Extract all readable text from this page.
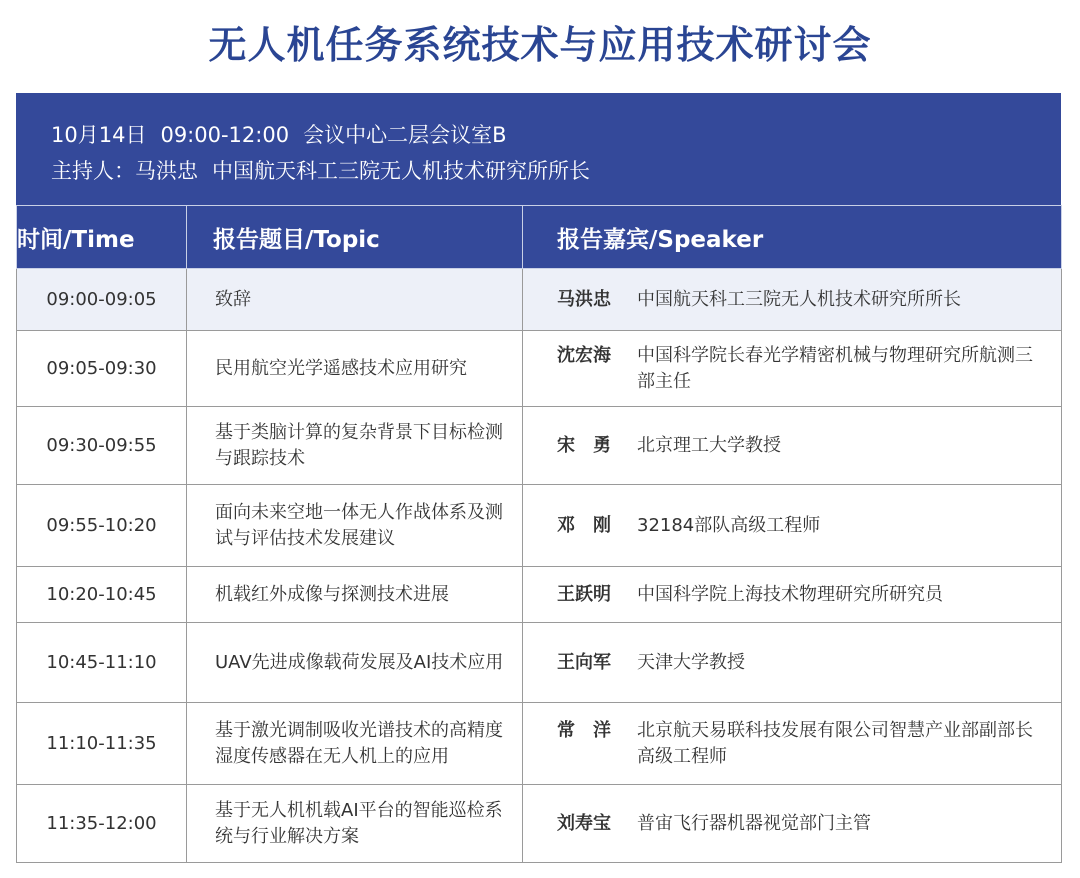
无人机任务系统技术与应用技术研讨会
10月14日 09:00-12:00 会议中心二层会议室B
主持人：马洪忠 中国航天科工三院无人机技术研究所所长
时间/Time	报告题目/Topic	报告嘉宾/Speaker
09:00-09:05	致辞	马洪忠 中国航天科工三院无人机技术研究所所长

09:05-09:30	民用航空光学遥感技术应用研究	沈宏海 中国科学院长春光学精密机械与物理研究所航测三部主任

09:30-09:55	基于类脑计算的复杂背景下目标检测与跟踪技术	宋　勇 北京理工大学教授

09:55-10:20	面向未来空地一体无人作战体系及测试与评估技术发展建议	邓　刚 32184部队高级工程师

10:20-10:45	机载红外成像与探测技术进展	王跃明 中国科学院上海技术物理研究所研究员

10:45-11:10	UAV先进成像载荷发展及AI技术应用	王向军 天津大学教授

11:10-11:35	基于激光调制吸收光谱技术的高精度湿度传感器在无人机上的应用	常　洋 北京航天易联科技发展有限公司智慧产业部副部长高级工程师

11:35-12:00	基于无人机机载AI平台的智能巡检系统与行业解决方案	刘寿宝 普宙飞行器机器视觉部门主管
